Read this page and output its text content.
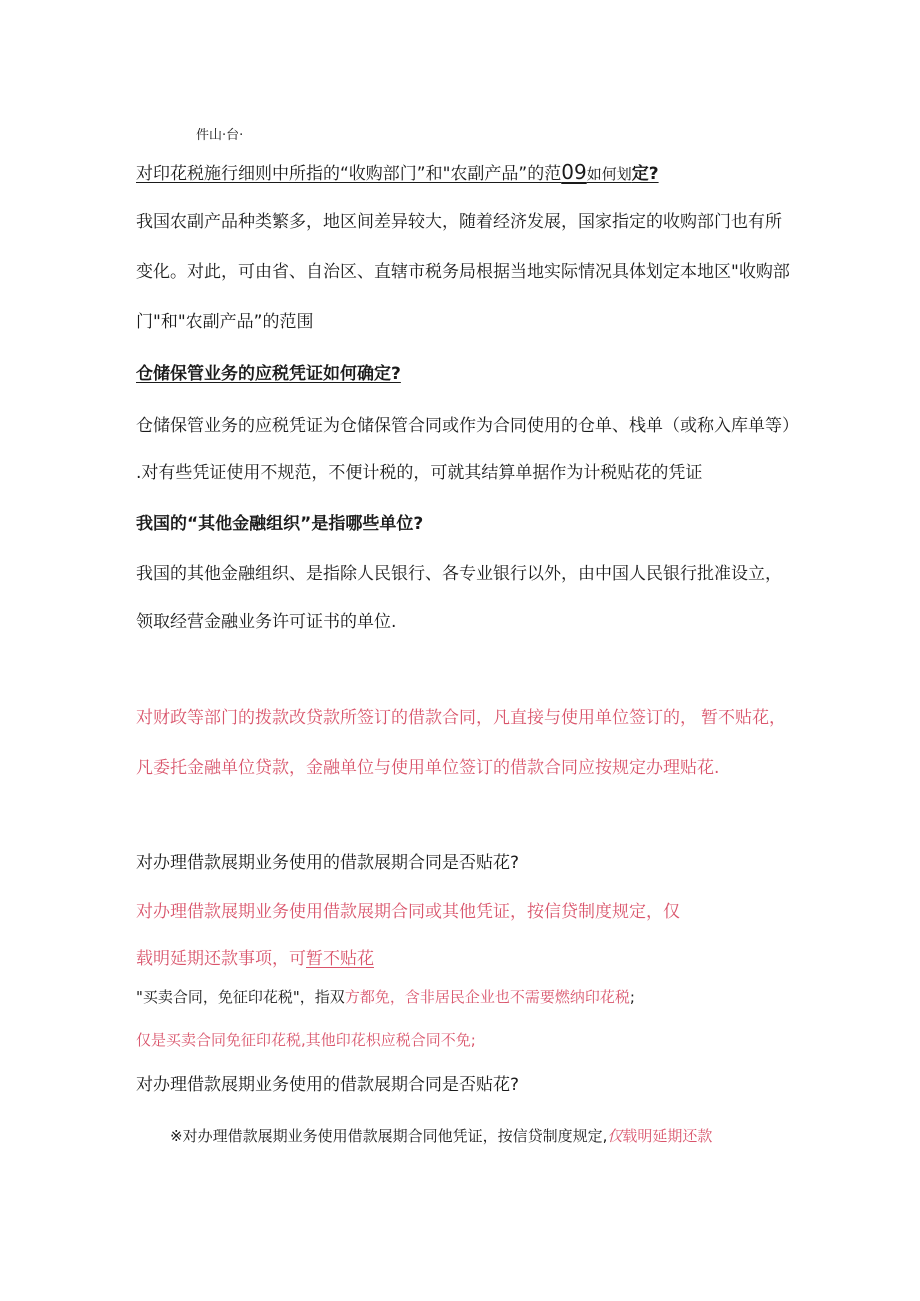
件山·台·
对印花税施行细则中所指的“收购部门”和"农副产品”的范09如何划定?
我国农副产品种类繁多，地区间差异较大，随着经济发展，国家指定的收购部门也有所
变化。对此，可由省、自治区、直辖市税务局根据当地实际情况具体划定本地区"收购部
门"和"农副产品”的范围
仓储保管业务的应税凭证如何确定?
仓储保管业务的应税凭证为仓储保管合同或作为合同使用的仓单、栈单（或称入库单等）
.对有些凭证使用不规范，不便计税的，可就其结算单据作为计税贴花的凭证
我国的“其他金融组织”是指哪些单位?
我国的其他金融组织、是指除人民银行、各专业银行以外，由中国人民银行批准设立，
领取经营金融业务许可证书的单位.
对财政等部门的拨款改贷款所签订的借款合同，凡直接与使用单位签订的， 暂不贴花，
凡委托金融单位贷款，金融单位与使用单位签订的借款合同应按规定办理贴花.
对办理借款展期业务使用的借款展期合同是否贴花?
对办理借款展期业务使用借款展期合同或其他凭证，按信贷制度规定，仅
载明延期还款事项，可暂不贴花
"买卖合同，免征印花税"，指双方都免，含非居民企业也不需要燃纳印花税;
仅是买卖合同免征印花税,其他印花枳应税合同不免;
对办理借款展期业务使用的借款展期合同是否贴花?
※对办理借款展期业务使用借款展期合同他凭证，按信贷制度规定,仅载明延期还款
